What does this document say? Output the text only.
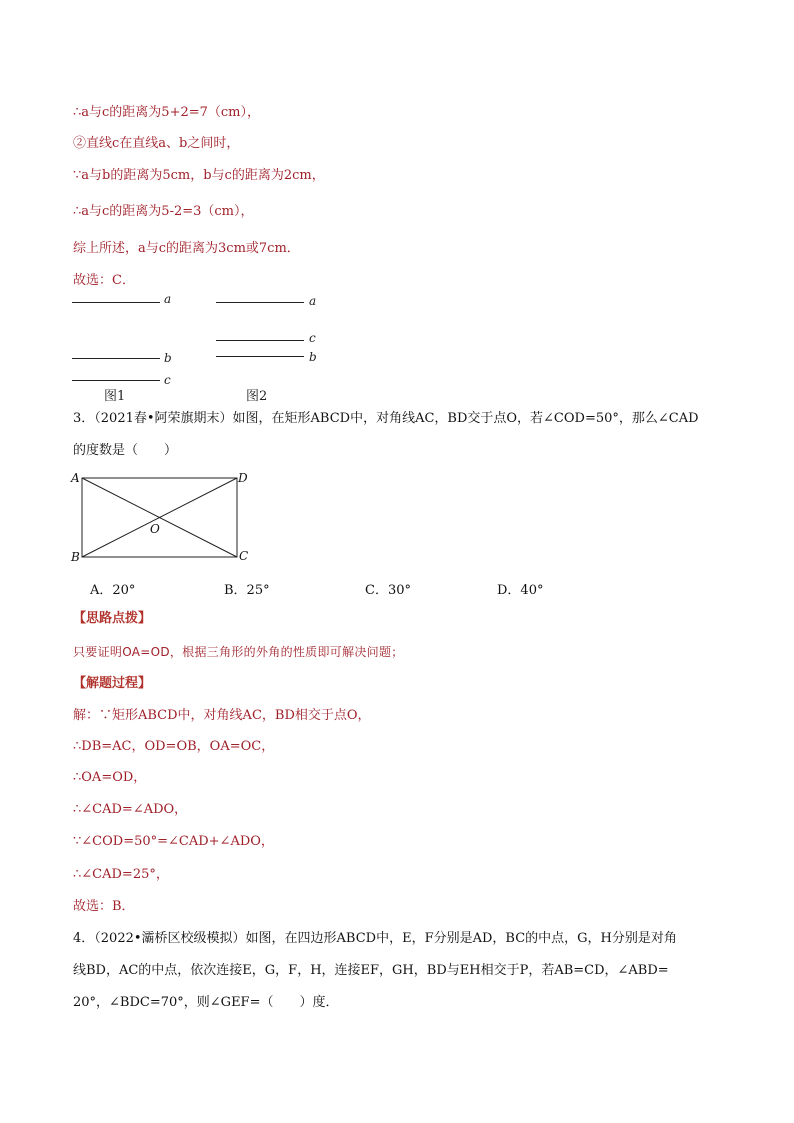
∴a与c的距离为5+2=7（cm），
②直线c在直线a、b之间时，
∵a与b的距离为5cm，b与c的距离为2cm，
∴a与c的距离为5-2=3（cm），
综上所述，a与c的距离为3cm或7cm．
故选：C．
a
b
c
图1
a
c
b
图2
3．（2021春•阿荣旗期末）如图，在矩形ABCD中，对角线AC，BD交于点O，若∠COD=50°，那么∠CAD
的度数是（　　）
A	D
B	C
O
A．20°	B．25°	C．30°	D．40°
【思路点拨】
只要证明OA=OD，根据三角形的外角的性质即可解决问题；
【解题过程】
解：∵矩形ABCD中，对角线AC，BD相交于点O，
∴DB=AC，OD=OB，OA=OC，
∴OA=OD，
∴∠CAD=∠ADO，
∵∠COD=50°=∠CAD+∠ADO，
∴∠CAD=25°，
故选：B．
4．（2022•灞桥区校级模拟）如图，在四边形ABCD中，E，F分别是AD，BC的中点，G，H分别是对角
线BD，AC的中点，依次连接E，G，F，H，连接EF，GH，BD与EH相交于P，若AB=CD，∠ABD=
20°，∠BDC=70°，则∠GEF=（　　）度．
